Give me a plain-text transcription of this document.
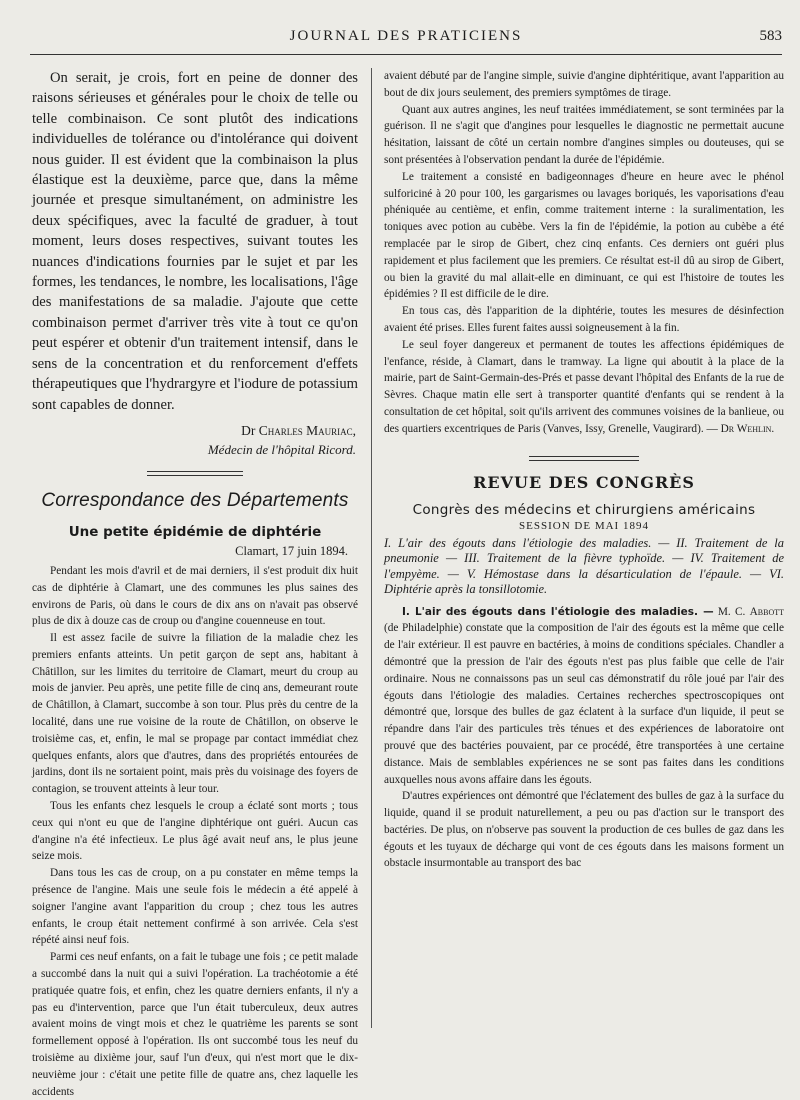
JOURNAL DES PRATICIENS	583

On serait, je crois, fort en peine de donner des raisons sérieuses et générales pour le choix de telle ou telle combinaison. Ce sont plutôt des indications individuelles de tolérance ou d'intolérance qui doivent nous guider. Il est évident que la combinaison la plus élastique est la deuxième, parce que, dans la même journée et presque simultanément, on administre les deux spécifiques, avec la faculté de graduer, à tout moment, leurs doses respectives, suivant toutes les nuances d'indications fournies par le sujet et par les formes, les tendances, le nombre, les localisations, l'âge des manifestations de sa maladie. J'ajoute que cette combinaison permet d'arriver très vite à tout ce qu'on peut espérer et obtenir d'un traitement intensif, dans le sens de la concentration et du renforcement d'effets thérapeutiques que l'hydrargyre et l'iodure de potassium sont capables de donner.

Dr Charles Mauriac,

Médecin de l'hôpital Ricord.

Correspondance des Départements
Une petite épidémie de diphtérie
Clamart, 17 juin 1894.

Pendant les mois d'avril et de mai derniers, il s'est produit dix huit cas de diphtérie à Clamart, une des communes les plus saines des environs de Paris, où dans le cours de dix ans on n'avait pas observé plus de dix à douze cas de croup ou d'angine couenneuse en tout.

Il est assez facile de suivre la filiation de la maladie chez les premiers enfants atteints. Un petit garçon de sept ans, habitant à Châtillon, sur les limites du territoire de Clamart, meurt du croup au mois de janvier. Peu après, une petite fille de cinq ans, demeurant route de Châtillon, à Clamart, succombe à son tour. Plus près du centre de la localité, dans une rue voisine de la route de Châtillon, on observe le troisième cas, et, enfin, le mal se propage par contact immédiat chez quelques enfants, alors que d'autres, dans des propriétés entourées de jardins, dont ils ne sortaient point, mais près du voisinage des foyers de contagion, se trouvent atteints à leur tour.

Tous les enfants chez lesquels le croup a éclaté sont morts ; tous ceux qui n'ont eu que de l'angine diphtérique ont guéri. Aucun cas d'angine n'a été infectieux. Le plus âgé avait neuf ans, le plus jeune seize mois.

Dans tous les cas de croup, on a pu constater en même temps la présence de l'angine. Mais une seule fois le médecin a été appelé à soigner l'angine avant l'apparition du croup ; chez tous les autres enfants, le croup était nettement confirmé à son arrivée. Cela s'est répété ainsi neuf fois.

Parmi ces neuf enfants, on a fait le tubage une fois ; ce petit malade a succombé dans la nuit qui a suivi l'opération. La trachéotomie a été pratiquée quatre fois, et enfin, chez les quatre derniers enfants, il n'y a pas eu d'intervention, parce que l'un était tuberculeux, deux autres avaient moins de vingt mois et chez le quatrième les parents se sont formellement opposé à l'opération. Ils ont succombé tous les neuf du troisième au dixième jour, sauf l'un d'eux, qui n'est mort que le dix-neuvième jour : c'était une petite fille de quatre ans, chez laquelle les accidents

avaient débuté par de l'angine simple, suivie d'angine diphtéritique, avant l'apparition au bout de dix jours seulement, des premiers symptômes de tirage.

Quant aux autres angines, les neuf traitées immédiatement, se sont terminées par la guérison. Il ne s'agit que d'angines pour lesquelles le diagnostic ne permettait aucune hésitation, laissant de côté un certain nombre d'angines simples ou douteuses, qui se sont présentées à l'observation pendant la durée de l'épidémie.

Le traitement a consisté en badigeonnages d'heure en heure avec le phénol sulforiciné à 20 pour 100, les gargarismes ou lavages boriqués, les vaporisations d'eau phéniquée au centième, et enfin, comme traitement interne : la suralimentation, les toniques avec potion au cubèbe. Vers la fin de l'épidémie, la potion au cubèbe a été remplacée par le sirop de Gibert, chez cinq enfants. Ces derniers ont guéri plus rapidement et plus facilement que les premiers. Ce résultat est-il dû au sirop de Gibert, ou bien la gravité du mal allait-elle en diminuant, ce qui est l'histoire de toutes les épidémies ? Il est difficile de le dire.

En tous cas, dès l'apparition de la diphtérie, toutes les mesures de désinfection avaient été prises. Elles furent faites aussi soigneusement à la fin.

Le seul foyer dangereux et permanent de toutes les affections épidémiques de l'enfance, réside, à Clamart, dans le tramway. La ligne qui aboutit à la place de la mairie, part de Saint-Germain-des-Prés et passe devant l'hôpital des Enfants de la rue de Sèvres. Chaque matin elle sert à transporter quantité d'enfants qui se rendent à la consultation de cet hôpital, soit qu'ils arrivent des communes voisines de la banlieue, ou des quartiers excentriques de Paris (Vanves, Issy, Grenelle, Vaugirard). — Dr Wehlin.

REVUE DES CONGRÈS
Congrès des médecins et chirurgiens américains
SESSION DE MAI 1894

I. L'air des égouts dans l'étiologie des maladies. — II. Traitement de la pneumonie — III. Traitement de la fièvre typhoïde. — IV. Traitement de l'empyème. — V. Hémostase dans la désarticulation de l'épaule. — VI. Diphtérie après la tonsillotomie.

I. L'air des égouts dans l'étiologie des maladies. — M. C. Abbott (de Philadelphie) constate que la composition de l'air des égouts est la même que celle de l'air extérieur. Il est pauvre en bactéries, à moins de conditions spéciales. Chandler a démontré que la pression de l'air des égouts n'est pas plus faible que celle de l'air ordinaire. Nous ne connaissons pas un seul cas démonstratif du rôle joué par l'air des égouts dans l'étiologie des maladies. Certaines recherches spectroscopiques ont démontré que, lorsque des bulles de gaz éclatent à la surface d'un liquide, il peut se répandre dans l'air des particules très ténues et des expériences de laboratoire ont prouvé que des bactéries pouvaient, par ce procédé, être transportées à une certaine distance. Mais de semblables expériences ne se sont pas faites dans les conditions auxquelles nous avons affaire dans les égouts.

D'autres expériences ont démontré que l'éclatement des bulles de gaz à la surface du liquide, quand il se produit naturellement, a peu ou pas d'action sur le transport des bactéries. De plus, on n'observe pas souvent la production de ces bulles de gaz dans les égouts et les tuyaux de décharge qui vont de ces égouts dans les maisons forment un obstacle insurmontable au transport des bac
